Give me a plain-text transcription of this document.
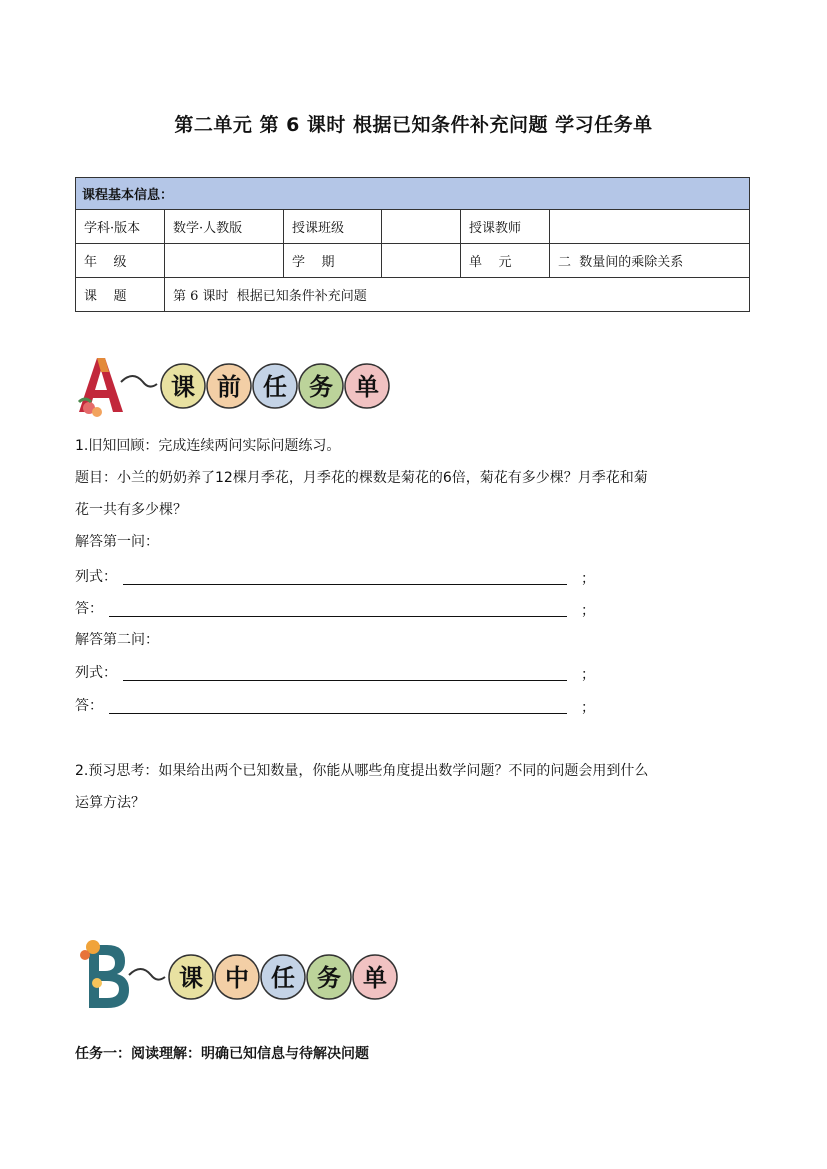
第二单元 第 6 课时 根据已知条件补充问题 学习任务单
课程基本信息：					
学科·版本	数学·人教版	授课班级		授课教师	
年    级		学    期		单    元	二  数量间的乘除关系
课    题	第 6 课时  根据已知条件补充问题				
课 前 任 务 单
1.旧知回顾：完成连续两问实际问题练习。
题目：小兰的奶奶养了12棵月季花，月季花的棵数是菊花的6倍，菊花有多少棵？月季花和菊
花一共有多少棵？
解答第一问：
列式：	；
答：	；
解答第二问：
列式：	；
答：	；
2.预习思考：如果给出两个已知数量，你能从哪些角度提出数学问题？不同的问题会用到什么
运算方法？
课 中 任 务 单
任务一：阅读理解：明确已知信息与待解决问题
